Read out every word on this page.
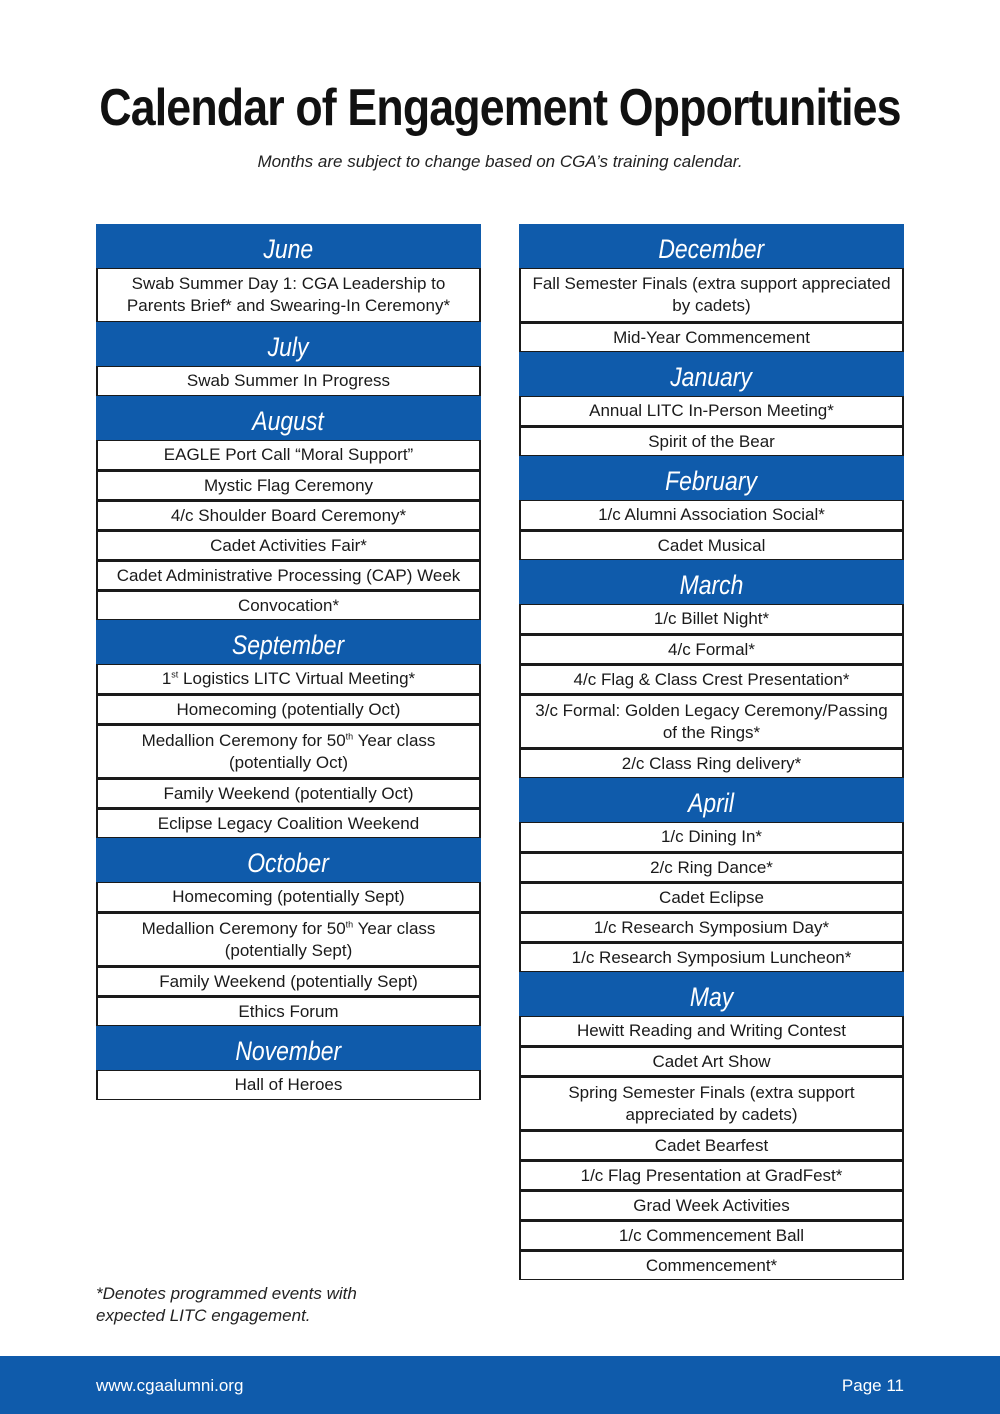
Calendar of Engagement Opportunities
Months are subject to change based on CGA’s training calendar.
June
Swab Summer Day 1: CGA Leadership to Parents Brief* and Swearing-In Ceremony*
July
Swab Summer In Progress
August
EAGLE Port Call “Moral Support”
Mystic Flag Ceremony
4/c Shoulder Board Ceremony*
Cadet Activities Fair*
Cadet Administrative Processing (CAP) Week
Convocation*
September
1st Logistics LITC Virtual Meeting*
Homecoming (potentially Oct)
Medallion Ceremony for 50th Year class (potentially Oct)
Family Weekend (potentially Oct)
Eclipse Legacy Coalition Weekend
October
Homecoming (potentially Sept)
Medallion Ceremony for 50th Year class (potentially Sept)
Family Weekend (potentially Sept)
Ethics Forum
November
Hall of Heroes
December
Fall Semester Finals (extra support appreciated by cadets)
Mid-Year Commencement
January
Annual LITC In-Person Meeting*
Spirit of the Bear
February
1/c Alumni Association Social*
Cadet Musical
March
1/c Billet Night*
4/c Formal*
4/c Flag & Class Crest Presentation*
3/c Formal: Golden Legacy Ceremony/Passing of the Rings*
2/c Class Ring delivery*
April
1/c Dining In*
2/c Ring Dance*
Cadet Eclipse
1/c Research Symposium Day*
1/c Research Symposium Luncheon*
May
Hewitt Reading and Writing Contest
Cadet Art Show
Spring Semester Finals (extra support appreciated by cadets)
Cadet Bearfest
1/c Flag Presentation at GradFest*
Grad Week Activities
1/c Commencement Ball
Commencement*
*Denotes programmed events with expected LITC engagement.
www.cgaalumni.org	Page 11
